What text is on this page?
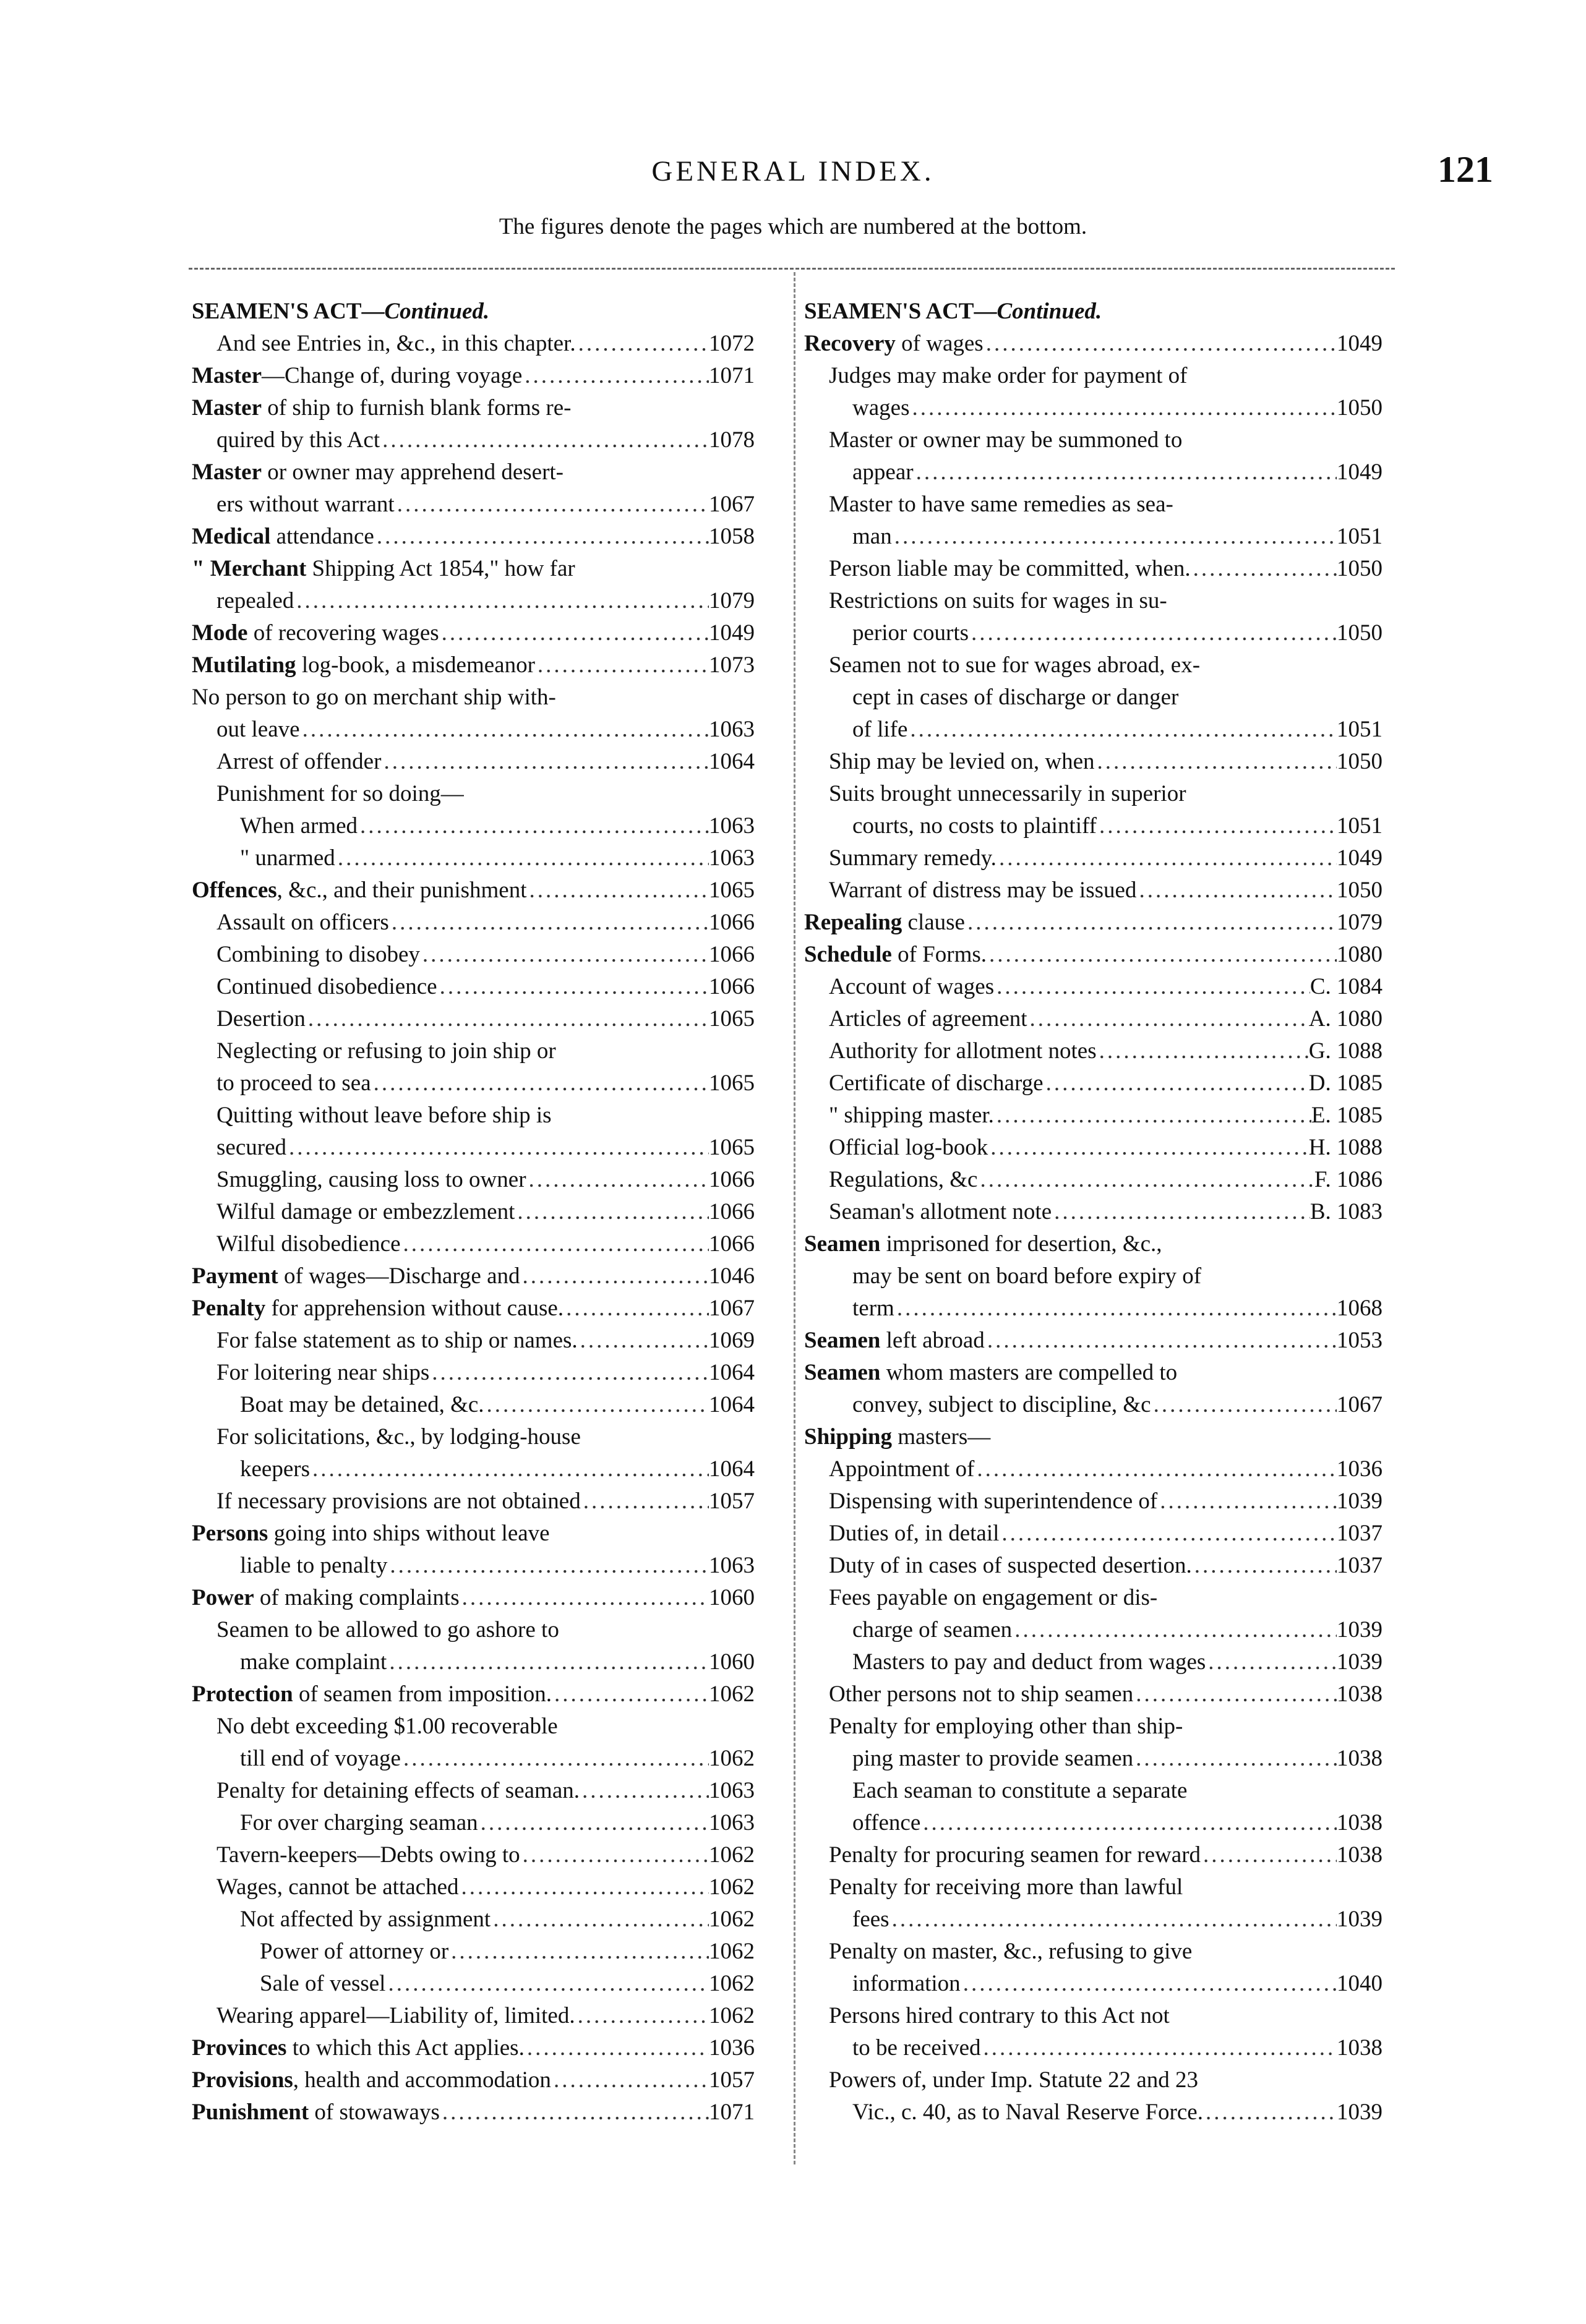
GENERAL INDEX.	121
The figures denote the pages which are numbered at the bottom.
SEAMEN'S ACT—Continued.
And see Entries in, &c., in this chapter. .....	1072
Master—Change of, during voyage .....	1071
Master of ship to furnish blank forms re-
quired by this Act .....	1078
Master or owner may apprehend desert-
ers without warrant .....	1067
Medical attendance .....	1058
" Merchant Shipping Act 1854," how far
repealed .....	1079
Mode of recovering wages .....	1049
Mutilating log-book, a misdemeanor .....	1073
No person to go on merchant ship with-
out leave .....	1063
Arrest of offender .....	1064
Punishment for so doing—
When armed .....	1063
" unarmed .....	1063
Offences, &c., and their punishment .....	1065
Assault on officers .....	1066
Combining to disobey .....	1066
Continued disobedience .....	1066
Desertion .....	1065
Neglecting or refusing to join ship or
to proceed to sea .....	1065
Quitting without leave before ship is
secured .....	1065
Smuggling, causing loss to owner .....	1066
Wilful damage or embezzlement .....	1066
Wilful disobedience .....	1066
Payment of wages—Discharge and .....	1046
Penalty for apprehension without cause. .....	1067
For false statement as to ship or names. .....	1069
For loitering near ships .....	1064
Boat may be detained, &c. .....	1064
For solicitations, &c., by lodging-house
keepers .....	1064
If necessary provisions are not obtained .....	1057
Persons going into ships without leave
liable to penalty .....	1063
Power of making complaints .....	1060
Seamen to be allowed to go ashore to
make complaint .....	1060
Protection of seamen from imposition. .....	1062
No debt exceeding $1.00 recoverable
till end of voyage .....	1062
Penalty for detaining effects of seaman. .....	1063
For over charging seaman .....	1063
Tavern-keepers—Debts owing to .....	1062
Wages, cannot be attached .....	1062
Not affected by assignment .....	1062
Power of attorney or .....	1062
Sale of vessel .....	1062
Wearing apparel—Liability of, limited. .....	1062
Provinces to which this Act applies. .....	1036
Provisions, health and accommodation .....	1057
Punishment of stowaways .....	1071
SEAMEN'S ACT—Continued.
Recovery of wages .....	1049
Judges may make order for payment of
wages .....	1050
Master or owner may be summoned to
appear .....	1049
Master to have same remedies as sea-
man .....	1051
Person liable may be committed, when. .....	1050
Restrictions on suits for wages in su-
perior courts .....	1050
Seamen not to sue for wages abroad, ex-
cept in cases of discharge or danger
of life .....	1051
Ship may be levied on, when .....	1050
Suits brought unnecessarily in superior
courts, no costs to plaintiff .....	1051
Summary remedy. .....	1049
Warrant of distress may be issued .....	1050
Repealing clause .....	1079
Schedule of Forms. .....	1080
Account of wages .....	C. 1084
Articles of agreement .....	A. 1080
Authority for allotment notes .....	G. 1088
Certificate of discharge .....	D. 1085
" shipping master. .....	E. 1085
Official log-book .....	H. 1088
Regulations, &c .....	F. 1086
Seaman's allotment note .....	B. 1083
Seamen imprisoned for desertion, &c.,
may be sent on board before expiry of
term .....	1068
Seamen left abroad .....	1053
Seamen whom masters are compelled to
convey, subject to discipline, &c .....	1067
Shipping masters—
Appointment of .....	1036
Dispensing with superintendence of .....	1039
Duties of, in detail .....	1037
Duty of in cases of suspected desertion. .....	1037
Fees payable on engagement or dis-
charge of seamen .....	1039
Masters to pay and deduct from wages .....	1039
Other persons not to ship seamen .....	1038
Penalty for employing other than ship-
ping master to provide seamen .....	1038
Each seaman to constitute a separate
offence .....	1038
Penalty for procuring seamen for reward .....	1038
Penalty for receiving more than lawful
fees .....	1039
Penalty on master, &c., refusing to give
information .....	1040
Persons hired contrary to this Act not
to be received .....	1038
Powers of, under Imp. Statute 22 and 23
Vic., c. 40, as to Naval Reserve Force. .....	1039
